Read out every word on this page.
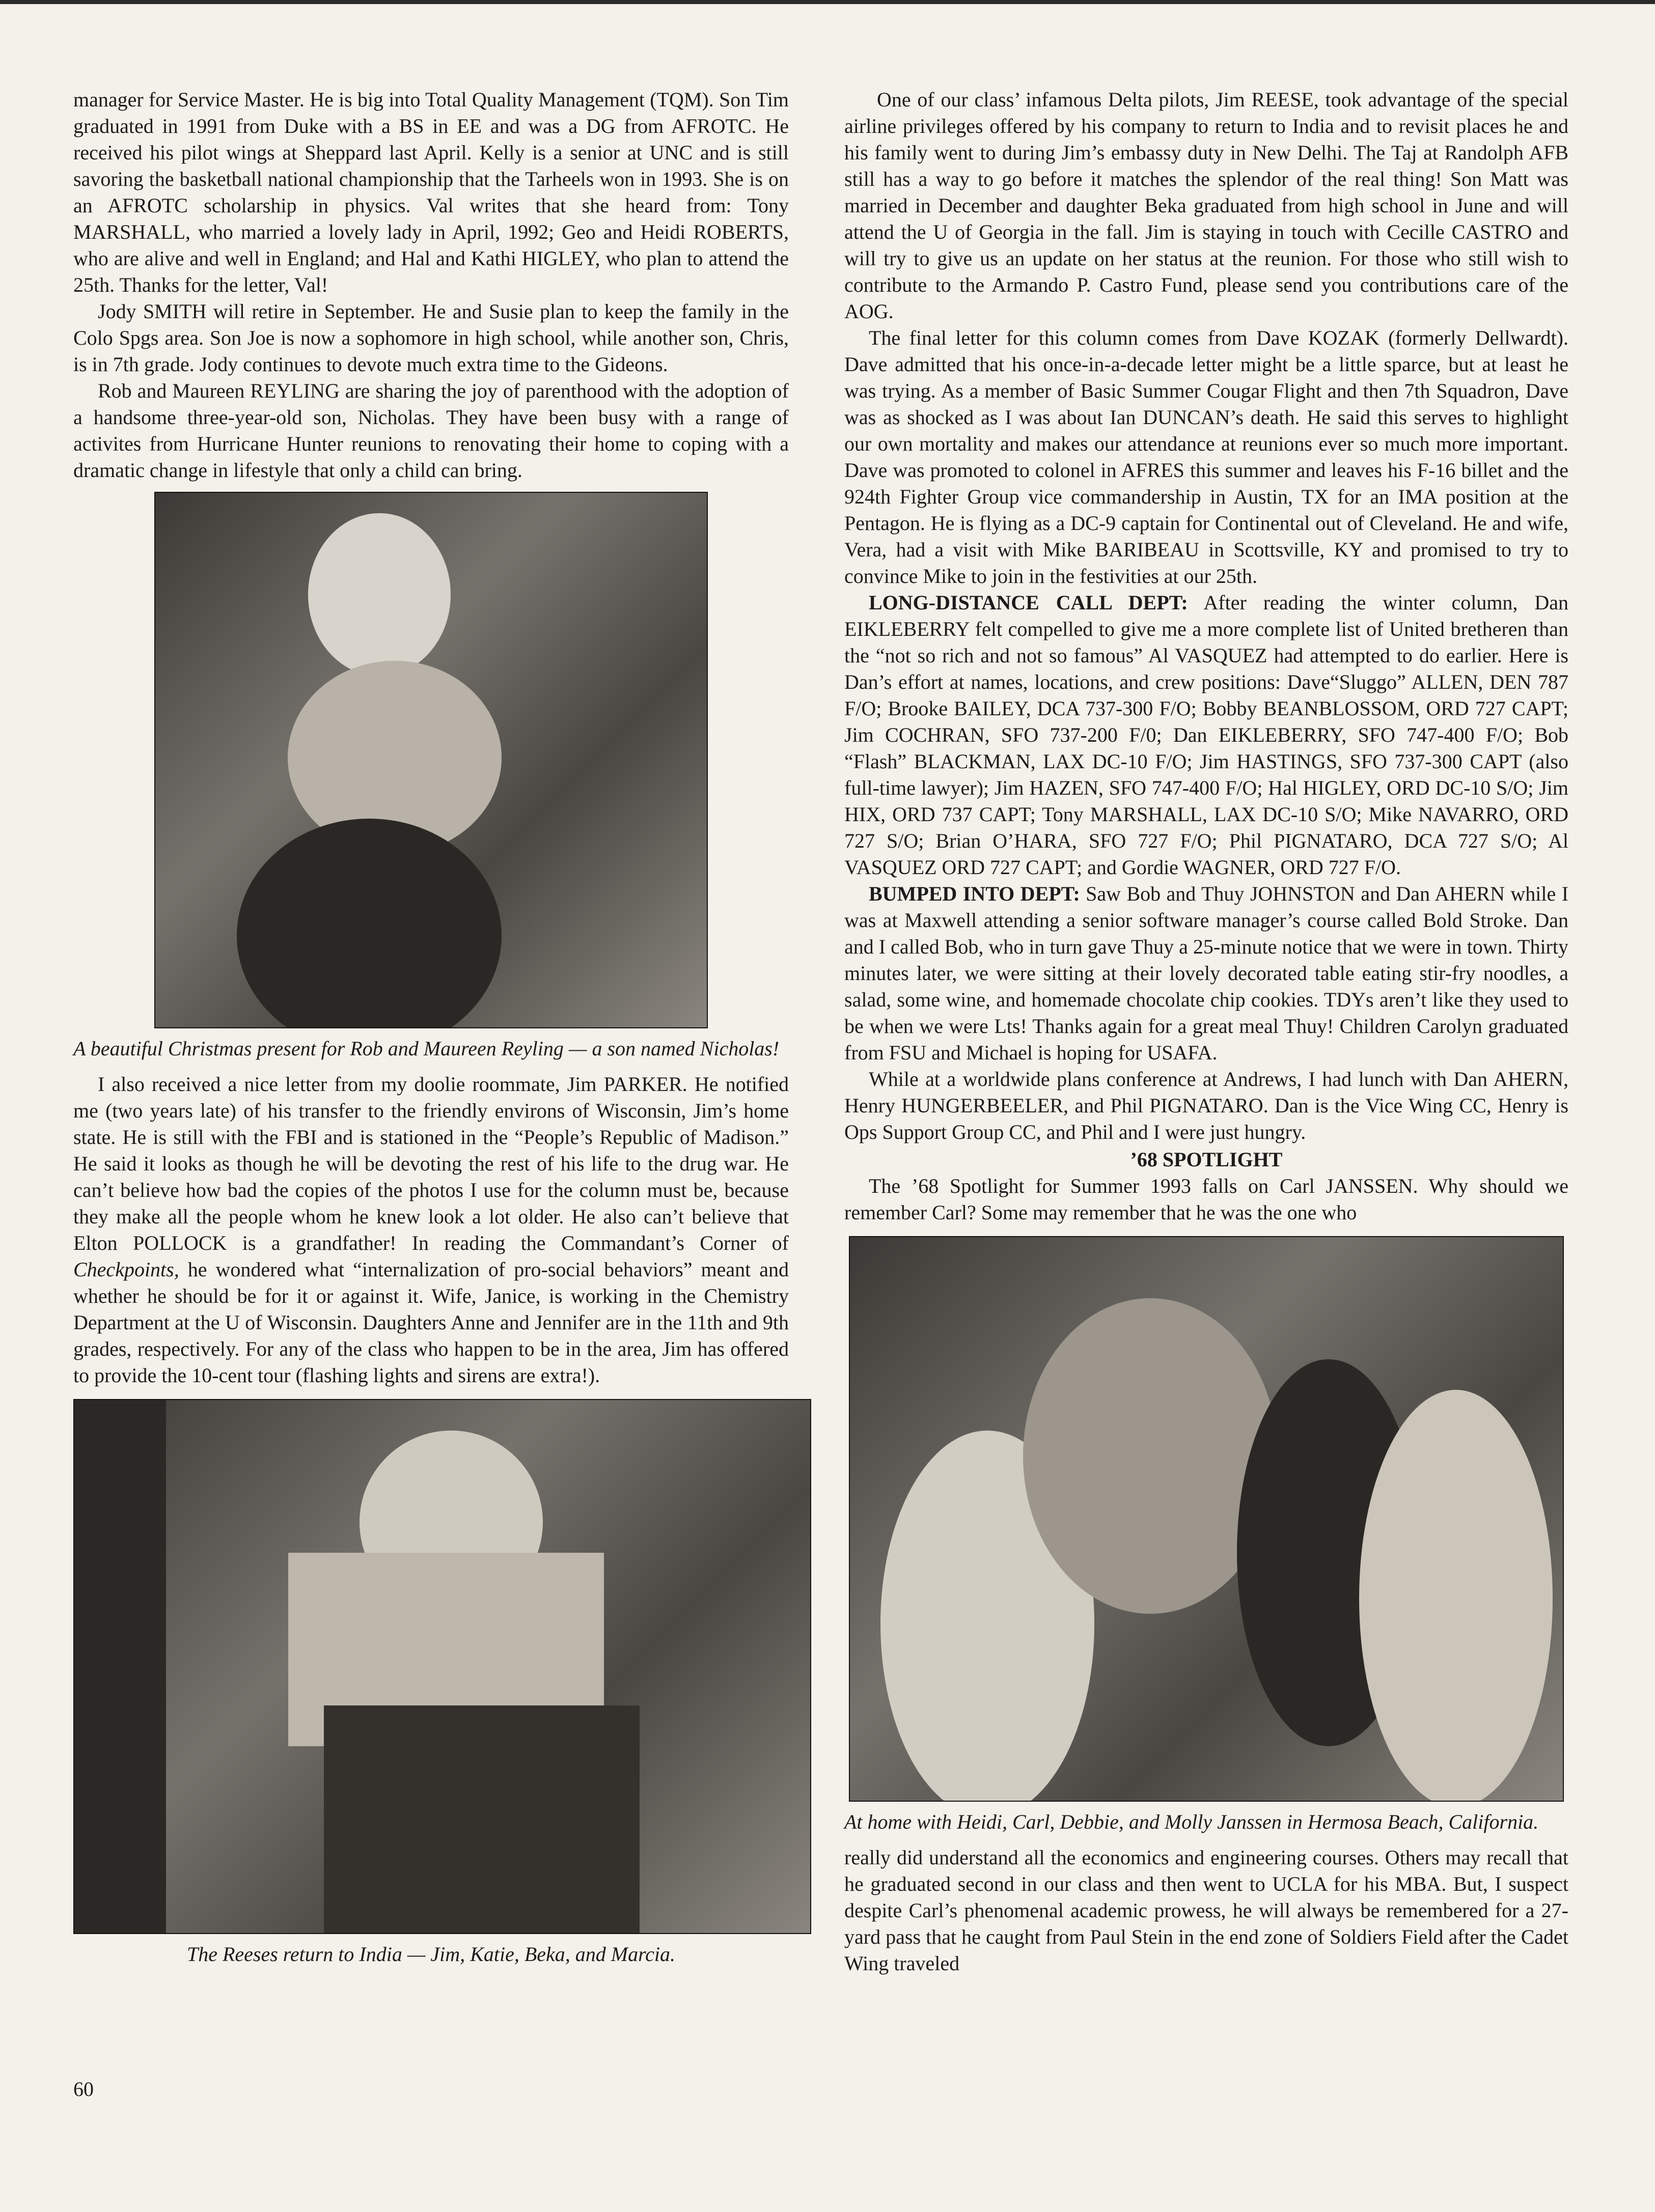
manager for Service Master. He is big into Total Quality Management (TQM). Son Tim graduated in 1991 from Duke with a BS in EE and was a DG from AFROTC. He received his pilot wings at Sheppard last April. Kelly is a senior at UNC and is still savoring the basketball national championship that the Tarheels won in 1993. She is on an AFROTC scholarship in physics. Val writes that she heard from: Tony MARSHALL, who married a lovely lady in April, 1992; Geo and Heidi ROBERTS, who are alive and well in England; and Hal and Kathi HIGLEY, who plan to attend the 25th. Thanks for the letter, Val!

Jody SMITH will retire in September. He and Susie plan to keep the family in the Colo Spgs area. Son Joe is now a sophomore in high school, while another son, Chris, is in 7th grade. Jody continues to devote much extra time to the Gideons.

Rob and Maureen REYLING are sharing the joy of parenthood with the adoption of a handsome three-year-old son, Nicholas. They have been busy with a range of activites from Hurricane Hunter reunions to renovating their home to coping with a dramatic change in lifestyle that only a child can bring.

A beautiful Christmas present for Rob and Maureen Reyling — a son named Nicholas!

I also received a nice letter from my doolie roommate, Jim PARKER. He notified me (two years late) of his transfer to the friendly environs of Wisconsin, Jim’s home state. He is still with the FBI and is stationed in the “People’s Republic of Madison.” He said it looks as though he will be devoting the rest of his life to the drug war. He can’t believe how bad the copies of the photos I use for the column must be, because they make all the people whom he knew look a lot older. He also can’t believe that Elton POLLOCK is a grandfather! In reading the Commandant’s Corner of Checkpoints, he wondered what “internalization of pro-social behaviors” meant and whether he should be for it or against it. Wife, Janice, is working in the Chemistry Department at the U of Wisconsin. Daughters Anne and Jennifer are in the 11th and 9th grades, respectively. For any of the class who happen to be in the area, Jim has offered to provide the 10-cent tour (flashing lights and sirens are extra!).

The Reeses return to India — Jim, Katie, Beka, and Marcia.

One of our class’ infamous Delta pilots, Jim REESE, took advantage of the special airline privileges offered by his company to return to India and to revisit places he and his family went to during Jim’s embassy duty in New Delhi. The Taj at Randolph AFB still has a way to go before it matches the splendor of the real thing! Son Matt was married in December and daughter Beka graduated from high school in June and will attend the U of Georgia in the fall. Jim is staying in touch with Cecille CASTRO and will try to give us an update on her status at the reunion. For those who still wish to contribute to the Armando P. Castro Fund, please send you contributions care of the AOG.

The final letter for this column comes from Dave KOZAK (formerly Dellwardt). Dave admitted that his once-in-a-decade letter might be a little sparce, but at least he was trying. As a member of Basic Summer Cougar Flight and then 7th Squadron, Dave was as shocked as I was about Ian DUNCAN’s death. He said this serves to highlight our own mortality and makes our attendance at reunions ever so much more important. Dave was promoted to colonel in AFRES this summer and leaves his F-16 billet and the 924th Fighter Group vice commandership in Austin, TX for an IMA position at the Pentagon. He is flying as a DC-9 captain for Continental out of Cleveland. He and wife, Vera, had a visit with Mike BARIBEAU in Scottsville, KY and promised to try to convince Mike to join in the festivities at our 25th.

LONG-DISTANCE CALL DEPT: After reading the winter column, Dan EIKLEBERRY felt compelled to give me a more complete list of United bretheren than the “not so rich and not so famous” Al VASQUEZ had attempted to do earlier. Here is Dan’s effort at names, locations, and crew positions: Dave“Sluggo” ALLEN, DEN 787 F/O; Brooke BAILEY, DCA 737-300 F/O; Bobby BEANBLOSSOM, ORD 727 CAPT; Jim COCHRAN, SFO 737-200 F/0; Dan EIKLEBERRY, SFO 747-400 F/O; Bob “Flash” BLACKMAN, LAX DC-10 F/O; Jim HASTINGS, SFO 737-300 CAPT (also full-time lawyer); Jim HAZEN, SFO 747-400 F/O; Hal HIGLEY, ORD DC-10 S/O; Jim HIX, ORD 737 CAPT; Tony MARSHALL, LAX DC-10 S/O; Mike NAVARRO, ORD 727 S/O; Brian O’HARA, SFO 727 F/O; Phil PIGNATARO, DCA 727 S/O; Al VASQUEZ ORD 727 CAPT; and Gordie WAGNER, ORD 727 F/O.

BUMPED INTO DEPT: Saw Bob and Thuy JOHNSTON and Dan AHERN while I was at Maxwell attending a senior software manager’s course called Bold Stroke. Dan and I called Bob, who in turn gave Thuy a 25-minute notice that we were in town. Thirty minutes later, we were sitting at their lovely decorated table eating stir-fry noodles, a salad, some wine, and homemade chocolate chip cookies. TDYs aren’t like they used to be when we were Lts! Thanks again for a great meal Thuy! Children Carolyn graduated from FSU and Michael is hoping for USAFA.

While at a worldwide plans conference at Andrews, I had lunch with Dan AHERN, Henry HUNGERBEELER, and Phil PIGNATARO. Dan is the Vice Wing CC, Henry is Ops Support Group CC, and Phil and I were just hungry.

’68 SPOTLIGHT

The ’68 Spotlight for Summer 1993 falls on Carl JANSSEN. Why should we remember Carl? Some may remember that he was the one who

At home with Heidi, Carl, Debbie, and Molly Janssen in Hermosa Beach, California.

really did understand all the economics and engineering courses. Others may recall that he graduated second in our class and then went to UCLA for his MBA. But, I suspect despite Carl’s phenomenal academic prowess, he will always be remembered for a 27-yard pass that he caught from Paul Stein in the end zone of Soldiers Field after the Cadet Wing traveled

60
